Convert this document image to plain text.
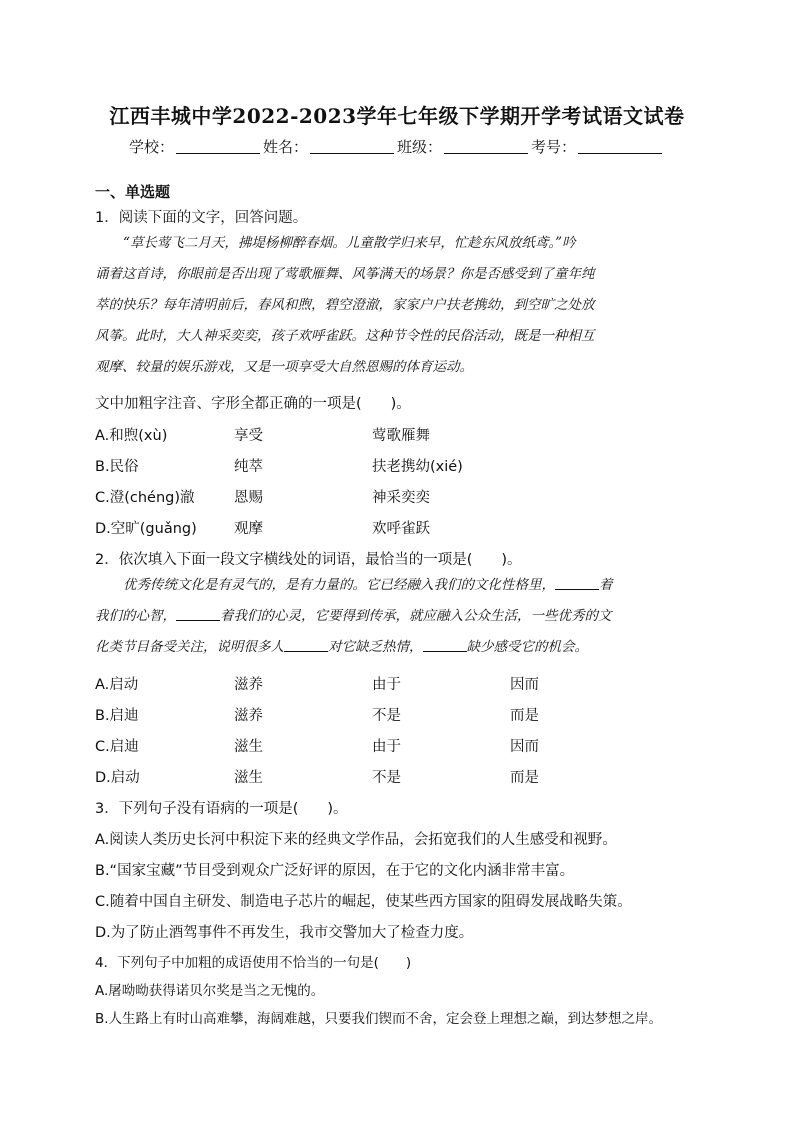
江西丰城中学2022-2023学年七年级下学期开学考试语文试卷
学校：	姓名：	班级：	考号：
一、单选题
1．阅读下面的文字，回答问题。

“草长莺飞二月天，拂堤杨柳醉春烟。儿童散学归来早，忙趁东风放纸鸢。”吟

诵着这首诗，你眼前是否出现了莺歌雁舞、风筝满天的场景？你是否感受到了童年纯

萃的快乐？每年清明前后，春风和煦，碧空澄澈，家家户户扶老携幼，到空旷之处放

风筝。此时，大人神采奕奕，孩子欢呼雀跃。这种节令性的民俗活动，既是一种相互

观摩、较量的娱乐游戏，又是一项享受大自然恩赐的体育运动。

文中加粗字注音、字形全都正确的一项是(　　)。
A.和煦(xù)	享受	莺歌雁舞
B.民俗	纯萃	扶老携幼(xié)
C.澄(chéng)澈	恩赐	神采奕奕
D.空旷(guǎng)	观摩	欢呼雀跃
2．依次填入下面一段文字横线处的词语，最恰当的一项是(　　)。

优秀传统文化是有灵气的，是有力量的。它已经融入我们的文化性格里，	着

我们的心智，	着我们的心灵，它要得到传承，就应融入公众生活，一些优秀的文

化类节目备受关注，说明很多人	对它缺乏热情，	缺少感受它的机会。

A.启动	滋养	由于	因而
B.启迪	滋养	不是	而是
C.启迪	滋生	由于	因而
D.启动	滋生	不是	而是
3．下列句子没有语病的一项是(　　)。
A.阅读人类历史长河中积淀下来的经典文学作品，会拓宽我们的人生感受和视野。
B.“国家宝藏”节目受到观众广泛好评的原因，在于它的文化内涵非常丰富。
C.随着中国自主研发、制造电子芯片的崛起，使某些西方国家的阻碍发展战略失策。
D.为了防止酒驾事件不再发生，我市交警加大了检查力度。
4．下列句子中加粗的成语使用不恰当的一句是(　　)
A.屠呦呦获得诺贝尔奖是当之无愧的。
B.人生路上有时山高难攀，海阔难越，只要我们锲而不舍，定会登上理想之巅，到达梦想之岸。
